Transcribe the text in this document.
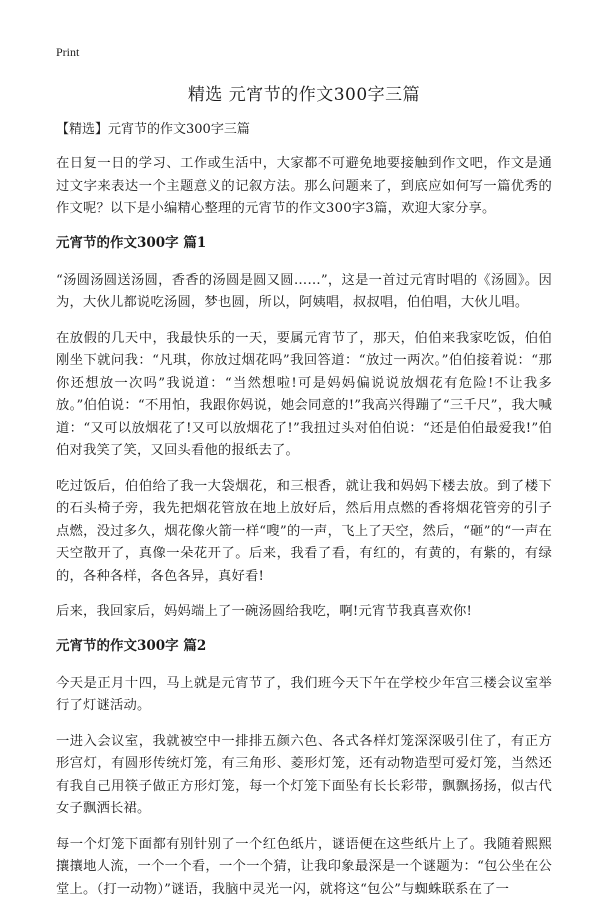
Print
精选 元宵节的作文300字三篇
【精选】元宵节的作文300字三篇

在日复一日的学习、工作或生活中，大家都不可避免地要接触到作文吧，作文是通过文字来表达一个主题意义的记叙方法。那么问题来了，到底应如何写一篇优秀的作文呢？以下是小编精心整理的元宵节的作文300字3篇，欢迎大家分享。

元宵节的作文300字 篇1

“汤圆汤圆送汤圆，香香的汤圆是圆又圆……”，这是一首过元宵时唱的《汤圆》。因为，大伙儿都说吃汤圆，梦也圆，所以，阿姨唱，叔叔唱，伯伯唱，大伙儿唱。

在放假的几天中，我最快乐的一天，要属元宵节了，那天，伯伯来我家吃饭，伯伯刚坐下就问我：“凡琪，你放过烟花吗”我回答道：“放过一两次。”伯伯接着说：“那你还想放一次吗”我说道：“当然想啦!可是妈妈偏说说放烟花有危险!不让我多放。”伯伯说：“不用怕，我跟你妈说，她会同意的!”我高兴得蹦了“三千尺”，我大喊道：“又可以放烟花了!又可以放烟花了!”我扭过头对伯伯说：“还是伯伯最爱我!”伯伯对我笑了笑，又回头看他的报纸去了。

吃过饭后，伯伯给了我一大袋烟花，和三根香，就让我和妈妈下楼去放。到了楼下的石头椅子旁，我先把烟花管放在地上放好后，然后用点燃的香将烟花管旁的引子点燃，没过多久，烟花像火箭一样“嗖”的一声，飞上了天空，然后，“砸”的“一声在天空散开了，真像一朵花开了。后来，我看了看，有红的，有黄的，有紫的，有绿的，各种各样，各色各异，真好看!

后来，我回家后，妈妈端上了一碗汤圆给我吃，啊!元宵节我真喜欢你!

元宵节的作文300字 篇2

今天是正月十四，马上就是元宵节了，我们班今天下午在学校少年宫三楼会议室举行了灯谜活动。

一进入会议室，我就被空中一排排五颜六色、各式各样灯笼深深吸引住了，有正方形宫灯，有圆形传统灯笼，有三角形、菱形灯笼，还有动物造型可爱灯笼，当然还有我自己用筷子做正方形灯笼，每一个灯笼下面坠有长长彩带，飘飘扬扬，似古代女子飘洒长裙。

每一个灯笼下面都有别针别了一个红色纸片，谜语便在这些纸片上了。我随着熙熙攘攘地人流，一个一个看，一个一个猜，让我印象最深是一个谜题为：“包公坐在公堂上。（打一动物）”谜语，我脑中灵光一闪，就将这“包公”与蜘蛛联系在了一
